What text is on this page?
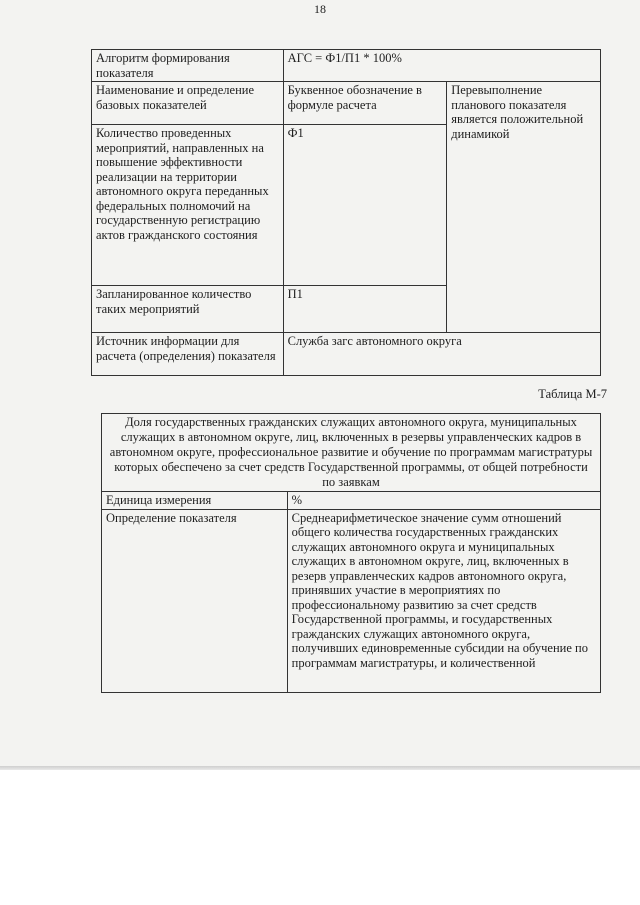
18
Алгоритм формирования показателя	АГС = Ф1/П1 * 100%	
Наименование и определение базовых показателей	Буквенное обозначение в формуле расчета	Перевыполнение планового показателя является положительной динамикой
Количество проведенных мероприятий, направленных на повышение эффективности реализации на территории автономного округа переданных федеральных полномочий на государственную регистрацию актов гражданского состояния	Ф1	
Запланированное количество таких мероприятий	П1	
Источник информации для расчета (определения) показателя	Служба загс автономного округа	
Таблица М-7
Доля государственных гражданских служащих автономного округа, муниципальных служащих в автономном округе, лиц, включенных в резервы управленческих кадров в автономном округе, профессиональное развитие и обучение по программам магистратуры которых обеспечено за счет средств Государственной программы, от общей потребности по заявкам	
Единица измерения	%
Определение показателя	Среднеарифметическое значение сумм отношений общего количества государственных гражданских служащих автономного округа и муниципальных служащих в автономном округе, лиц, включенных в резерв управленческих кадров автономного округа, принявших участие в мероприятиях по профессиональному развитию за счет средств Государственной программы, и государственных гражданских служащих автономного округа, получивших единовременные субсидии на обучение по программам магистратуры, и количественной
